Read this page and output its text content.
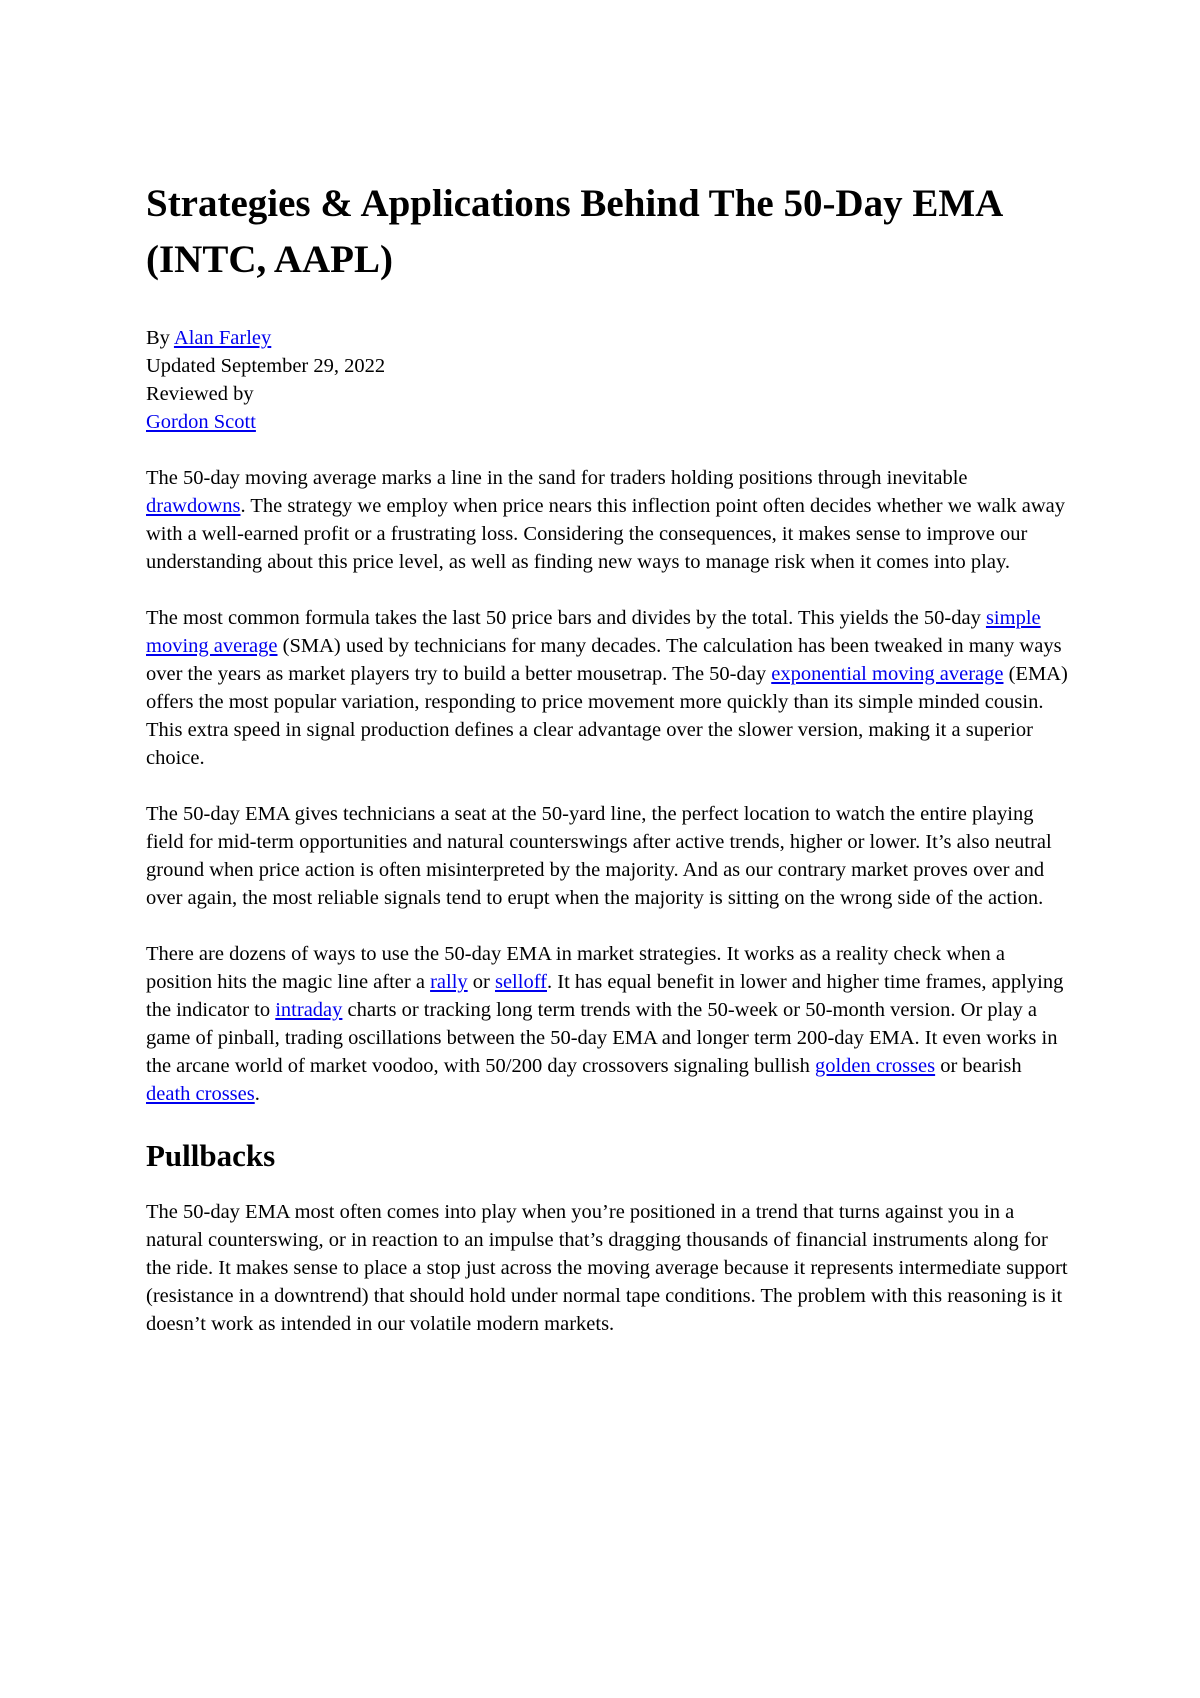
Strategies & Applications Behind The 50-Day EMA (INTC, AAPL)
By Alan Farley
Updated September 29, 2022
Reviewed by
Gordon Scott

The 50-day moving average marks a line in the sand for traders holding positions through inevitable drawdowns. The strategy we employ when price nears this inflection point often decides whether we walk away with a well-earned profit or a frustrating loss. Considering the consequences, it makes sense to improve our understanding about this price level, as well as finding new ways to manage risk when it comes into play.

The most common formula takes the last 50 price bars and divides by the total. This yields the 50-day simple moving average (SMA) used by technicians for many decades. The calculation has been tweaked in many ways over the years as market players try to build a better mousetrap. The 50-day exponential moving average (EMA) offers the most popular variation, responding to price movement more quickly than its simple minded cousin. This extra speed in signal production defines a clear advantage over the slower version, making it a superior choice.

The 50-day EMA gives technicians a seat at the 50-yard line, the perfect location to watch the entire playing field for mid-term opportunities and natural counterswings after active trends, higher or lower. It’s also neutral ground when price action is often misinterpreted by the majority. And as our contrary market proves over and over again, the most reliable signals tend to erupt when the majority is sitting on the wrong side of the action.

There are dozens of ways to use the 50-day EMA in market strategies. It works as a reality check when a position hits the magic line after a rally or selloff. It has equal benefit in lower and higher time frames, applying the indicator to intraday charts or tracking long term trends with the 50-week or 50-month version. Or play a game of pinball, trading oscillations between the 50-day EMA and longer term 200-day EMA. It even works in the arcane world of market voodoo, with 50/200 day crossovers signaling bullish golden crosses or bearish death crosses.

Pullbacks

The 50-day EMA most often comes into play when you’re positioned in a trend that turns against you in a natural counterswing, or in reaction to an impulse that’s dragging thousands of financial instruments along for the ride. It makes sense to place a stop just across the moving average because it represents intermediate support (resistance in a downtrend) that should hold under normal tape conditions. The problem with this reasoning is it doesn’t work as intended in our volatile modern markets.
